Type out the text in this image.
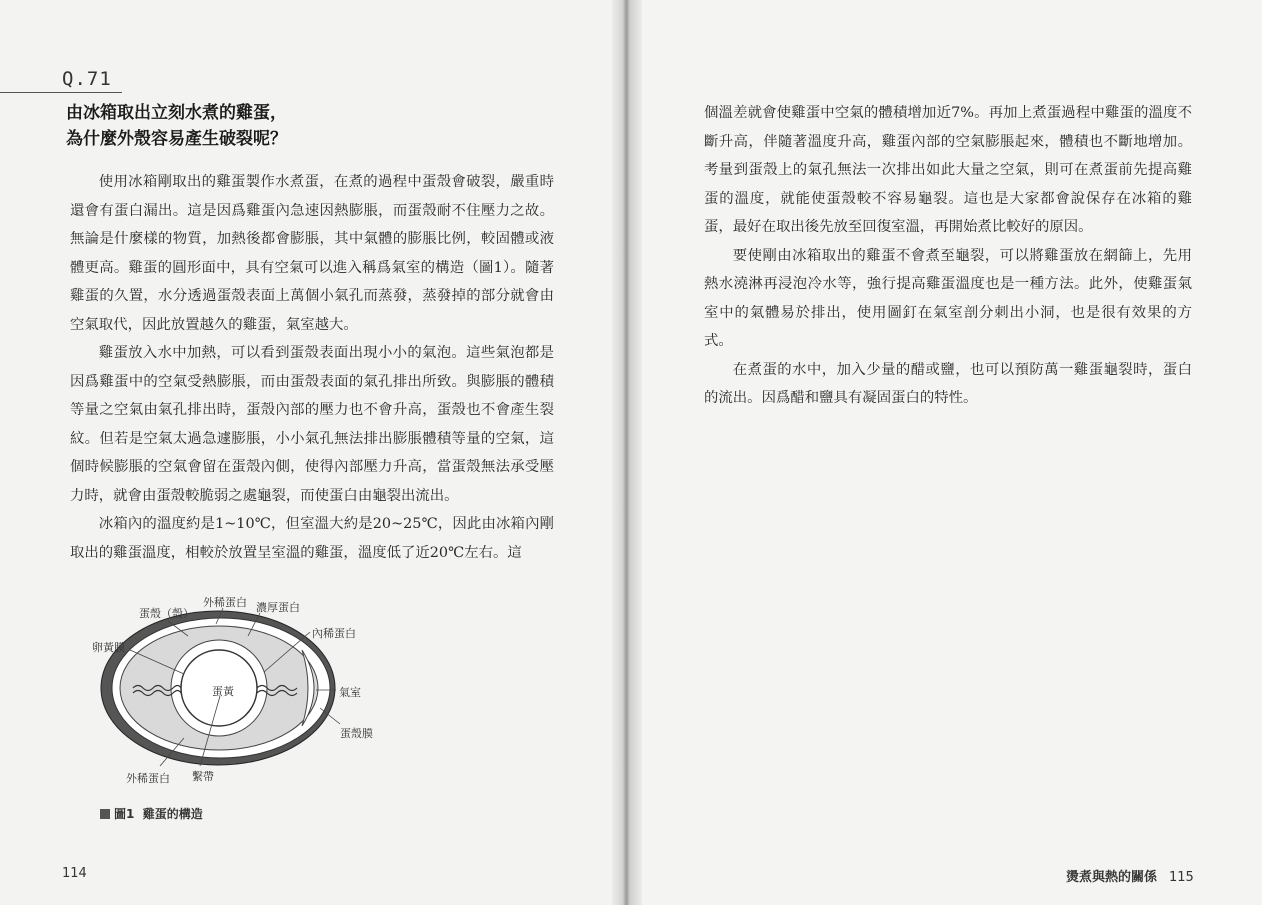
Q.71
由冰箱取出立刻水煮的雞蛋，
為什麼外殼容易產生破裂呢？

使用冰箱剛取出的雞蛋製作水煮蛋，在煮的過程中蛋殼會破裂，嚴重時還會有蛋白漏出。這是因爲雞蛋內急速因熱膨脹，而蛋殼耐不住壓力之故。無論是什麼樣的物質，加熱後都會膨脹，其中氣體的膨脹比例，較固體或液體更高。雞蛋的圓形面中，具有空氣可以進入稱爲氣室的構造（圖1）。隨著雞蛋的久置，水分透過蛋殼表面上萬個小氣孔而蒸發，蒸發掉的部分就會由空氣取代，因此放置越久的雞蛋，氣室越大。

雞蛋放入水中加熱，可以看到蛋殼表面出現小小的氣泡。這些氣泡都是因爲雞蛋中的空氣受熱膨脹，而由蛋殼表面的氣孔排出所致。與膨脹的體積等量之空氣由氣孔排出時，蛋殼內部的壓力也不會升高，蛋殼也不會產生裂紋。但若是空氣太過急遽膨脹，小小氣孔無法排出膨脹體積等量的空氣，這個時候膨脹的空氣會留在蛋殼內側，使得內部壓力升高，當蛋殼無法承受壓力時，就會由蛋殼較脆弱之處龜裂，而使蛋白由龜裂出流出。

冰箱內的溫度約是1~10℃，但室溫大約是20~25℃，因此由冰箱內剛取出的雞蛋溫度，相較於放置呈室溫的雞蛋，溫度低了近20℃左右。這

蛋殼（殼）
外稀蛋白 濃厚蛋白
內稀蛋白
卵黃膜
蛋黃	氣室
蛋殼膜
外稀蛋白 繫帶
圖1 雞蛋的構造

個溫差就會使雞蛋中空氣的體積增加近7%。再加上煮蛋過程中雞蛋的溫度不斷升高，伴隨著溫度升高，雞蛋內部的空氣膨脹起來，體積也不斷地增加。考量到蛋殼上的氣孔無法一次排出如此大量之空氣，則可在煮蛋前先提高雞蛋的溫度，就能使蛋殼較不容易龜裂。這也是大家都會說保存在冰箱的雞蛋，最好在取出後先放至回復室溫，再開始煮比較好的原因。

要使剛由冰箱取出的雞蛋不會煮至龜裂，可以將雞蛋放在網篩上，先用熱水澆淋再浸泡冷水等，強行提高雞蛋溫度也是一種方法。此外，使雞蛋氣室中的氣體易於排出，使用圖釘在氣室剖分刺出小洞，也是很有效果的方式。

在煮蛋的水中，加入少量的醋或鹽，也可以預防萬一雞蛋龜裂時，蛋白的流出。因爲醋和鹽具有凝固蛋白的特性。

114	燙煮與熱的關係 115
